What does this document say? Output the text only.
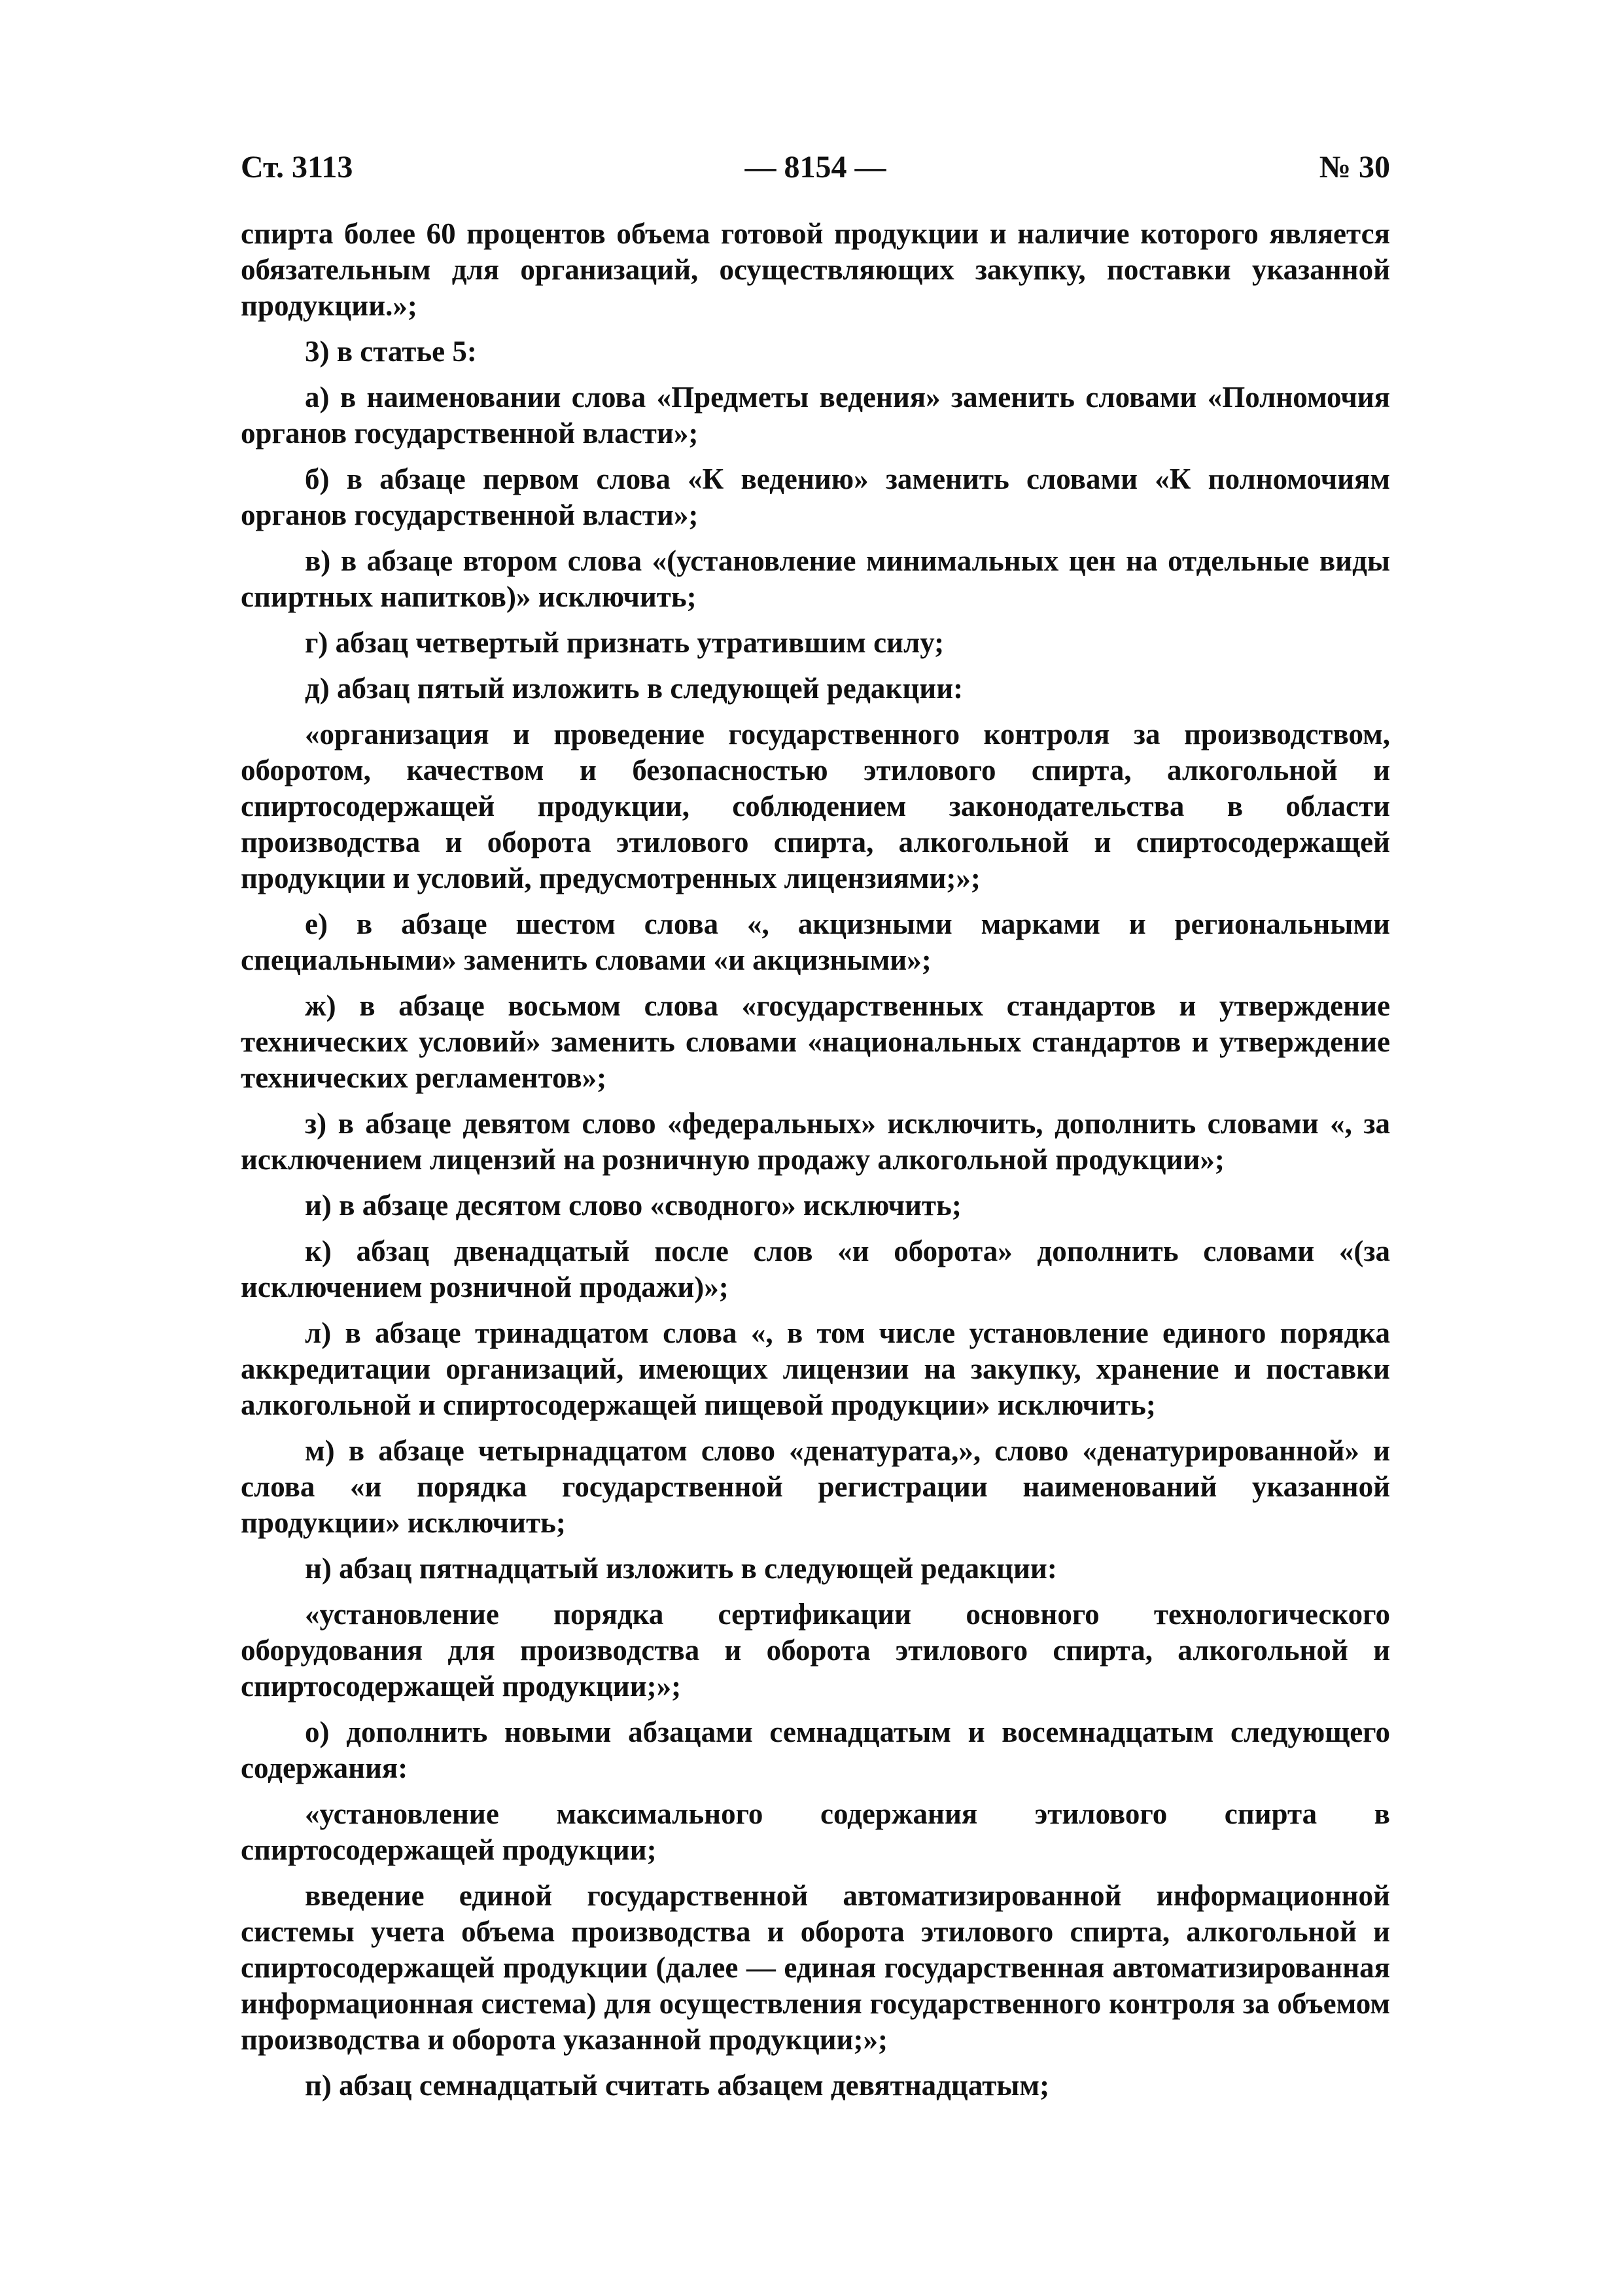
Ст. 3113	— 8154 —	№ 30

спирта более 60 процентов объема готовой продукции и наличие которого является обязательным для организаций, осуществляющих закупку, поставки указанной продукции.»;

3) в статье 5:

а) в наименовании слова «Предметы ведения» заменить словами «Полномочия органов государственной власти»;

б) в абзаце первом слова «К ведению» заменить словами «К полномочиям органов государственной власти»;

в) в абзаце втором слова «(установление минимальных цен на отдельные виды спиртных напитков)» исключить;

г) абзац четвертый признать утратившим силу;

д) абзац пятый изложить в следующей редакции:

«организация и проведение государственного контроля за производством, оборотом, качеством и безопасностью этилового спирта, алкогольной и спиртосодержащей продукции, соблюдением законодательства в области производства и оборота этилового спирта, алкогольной и спиртосодержащей продукции и условий, предусмотренных лицензиями;»;

е) в абзаце шестом слова «, акцизными марками и региональными специальными» заменить словами «и акцизными»;

ж) в абзаце восьмом слова «государственных стандартов и утверждение технических условий» заменить словами «национальных стандартов и утверждение технических регламентов»;

з) в абзаце девятом слово «федеральных» исключить, дополнить словами «, за исключением лицензий на розничную продажу алкогольной продукции»;

и) в абзаце десятом слово «сводного» исключить;

к) абзац двенадцатый после слов «и оборота» дополнить словами «(за исключением розничной продажи)»;

л) в абзаце тринадцатом слова «, в том числе установление единого порядка аккредитации организаций, имеющих лицензии на закупку, хранение и поставки алкогольной и спиртосодержащей пищевой продукции» исключить;

м) в абзаце четырнадцатом слово «денатурата,», слово «денатурированной» и слова «и порядка государственной регистрации наименований указанной продукции» исключить;

н) абзац пятнадцатый изложить в следующей редакции:

«установление порядка сертификации основного технологического оборудования для производства и оборота этилового спирта, алкогольной и спиртосодержащей продукции;»;

о) дополнить новыми абзацами семнадцатым и восемнадцатым следующего содержания:

«установление максимального содержания этилового спирта в спиртосодержащей продукции;

введение единой государственной автоматизированной информационной системы учета объема производства и оборота этилового спирта, алкогольной и спиртосодержащей продукции (далее — единая государственная автоматизированная информационная система) для осуществления государственного контроля за объемом производства и оборота указанной продукции;»;

п) абзац семнадцатый считать абзацем девятнадцатым;
